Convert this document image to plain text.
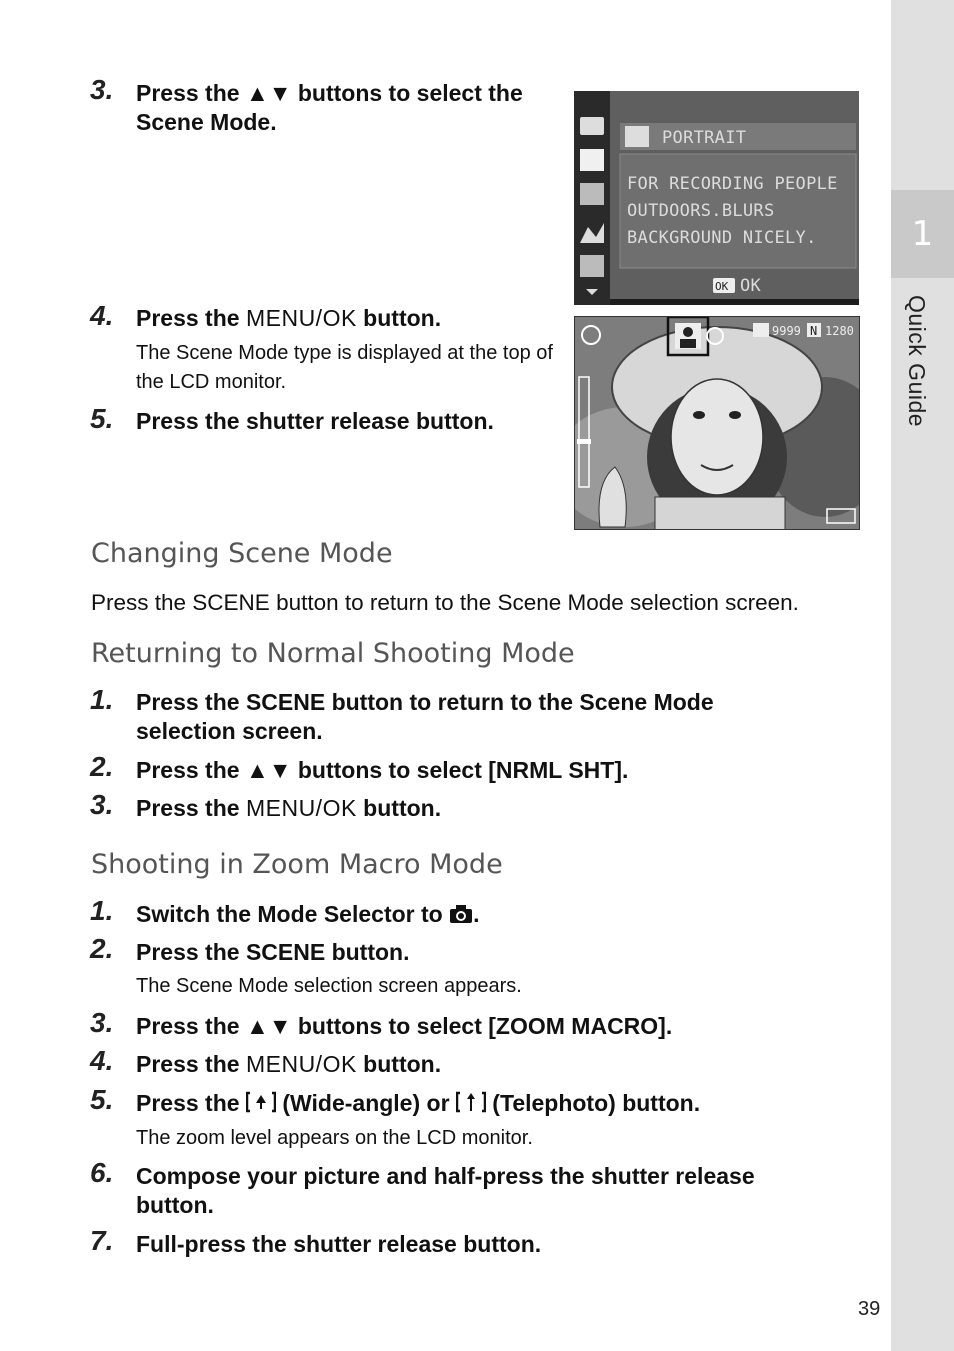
1
Quick Guide
3. Press the ▲▼ buttons to select the Scene Mode.
4. Press the MENU/OK button.
The Scene Mode type is displayed at the top of the LCD monitor.
5. Press the shutter release button.
PORTRAIT
FOR RECORDING PEOPLE
OUTDOORS.BLURS
BACKGROUND NICELY.
OK OK
SD 9999 N 1280
Changing Scene Mode
Press the SCENE button to return to the Scene Mode selection screen.
Returning to Normal Shooting Mode
1. Press the SCENE button to return to the Scene Mode
selection screen.
2. Press the ▲▼ buttons to select [NRML SHT].
3. Press the MENU/OK button.
Shooting in Zoom Macro Mode
1. Switch the Mode Selector to .
2. Press the SCENE button.
The Scene Mode selection screen appears.
3. Press the ▲▼ buttons to select [ZOOM MACRO].
4. Press the MENU/OK button.
5. Press the  (Wide-angle) or  (Telephoto) button.
The zoom level appears on the LCD monitor.
6. Compose your picture and half-press the shutter release
button.
7. Full-press the shutter release button.
39
